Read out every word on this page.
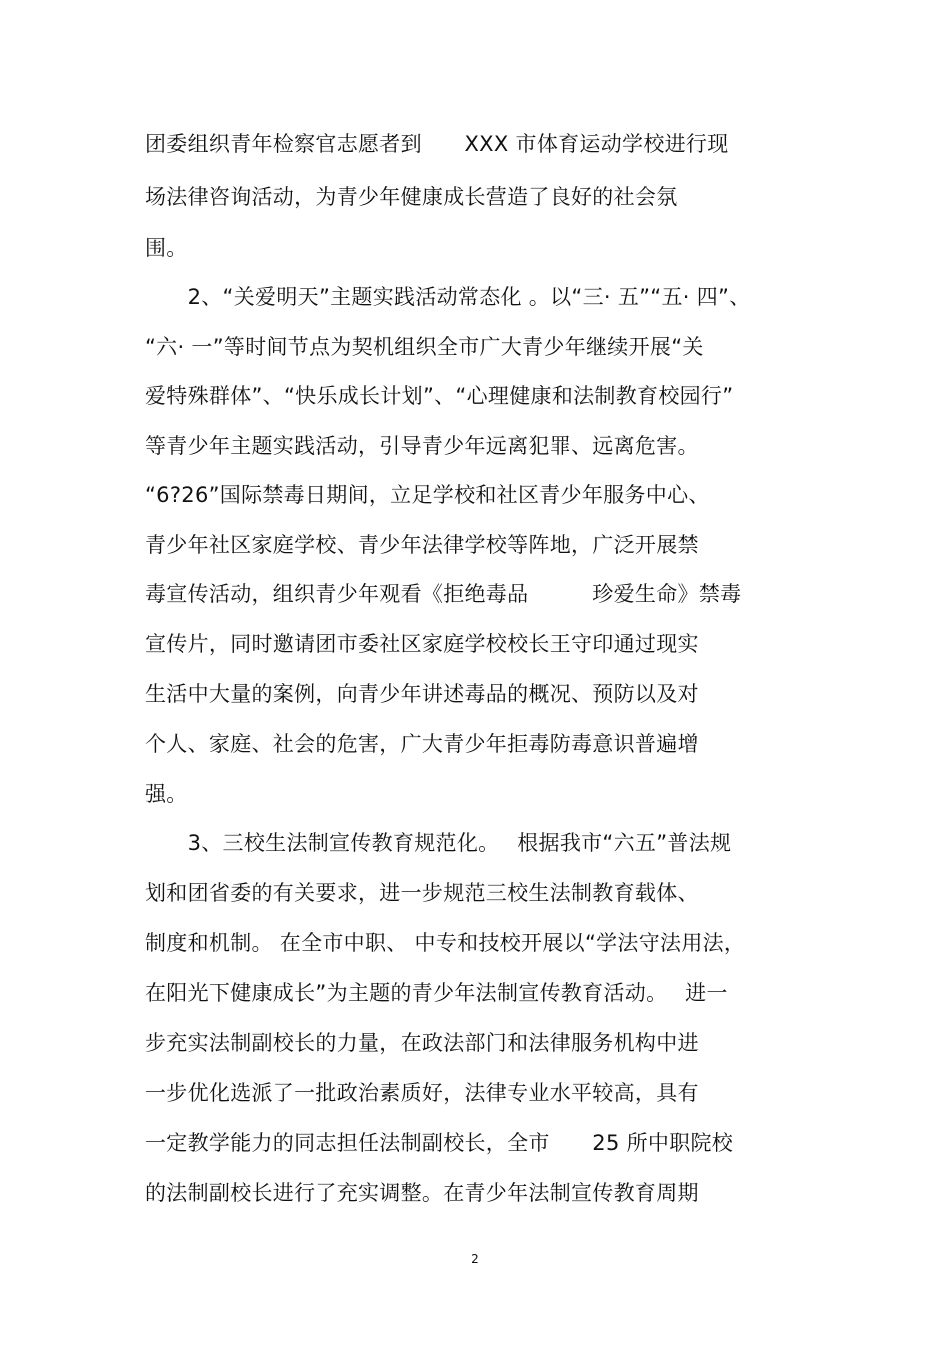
团委组织青年检察官志愿者到　　XXX 市体育运动学校进行现
场法律咨询活动，为青少年健康成长营造了良好的社会氛
围。
　　2、“关爱明天”主题实践活动常态化 。以“三· 五”“五· 四”、
“六· 一”等时间节点为契机组织全市广大青少年继续开展“关
爱特殊群体”、“快乐成长计划”、“心理健康和法制教育校园行”
等青少年主题实践活动，引导青少年远离犯罪、远离危害。
“6?26”国际禁毒日期间，立足学校和社区青少年服务中心、
青少年社区家庭学校、青少年法律学校等阵地，广泛开展禁
毒宣传活动，组织青少年观看《拒绝毒品　　　珍爱生命》禁毒
宣传片，同时邀请团市委社区家庭学校校长王守印通过现实
生活中大量的案例，向青少年讲述毒品的概况、预防以及对
个人、家庭、社会的危害，广大青少年拒毒防毒意识普遍增
强。
　　3、三校生法制宣传教育规范化。　 根据我市“六五”普法规
划和团省委的有关要求，进一步规范三校生法制教育载体、
制度和机制。 在全市中职、 中专和技校开展以“学法守法用法，
在阳光下健康成长”为主题的青少年法制宣传教育活动。　 进一
步充实法制副校长的力量，在政法部门和法律服务机构中进
一步优化选派了一批政治素质好，法律专业水平较高，具有
一定教学能力的同志担任法制副校长，全市　　25 所中职院校
的法制副校长进行了充实调整。在青少年法制宣传教育周期
2
